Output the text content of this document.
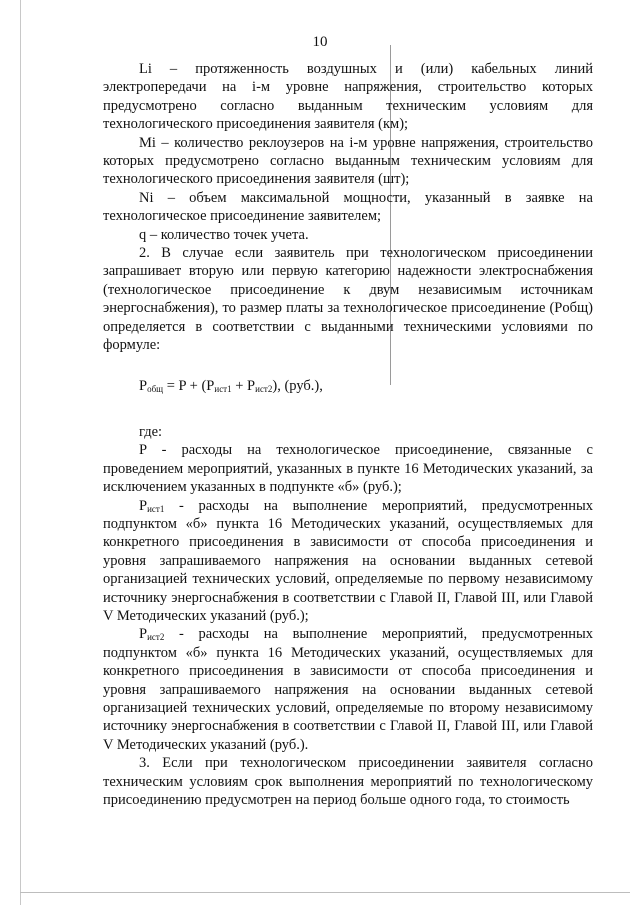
10

Li – протяженность воздушных и (или) кабельных линий электропередачи на i-м уровне напряжения, строительство которых предусмотрено согласно выданным техническим условиям для технологического присоединения заявителя (км);

Mi – количество реклоузеров на i-м уровне напряжения, строительство которых предусмотрено согласно выданным техническим условиям для технологического присоединения заявителя (шт);

Ni – объем максимальной мощности, указанный в заявке на технологическое присоединение заявителем;

q – количество точек учета.

2. В случае если заявитель при технологическом присоединении запрашивает вторую или первую категорию надежности электроснабжения (технологическое присоединение к двум независимым источникам энергоснабжения), то размер платы за технологическое присоединение (Pобщ) определяется в соответствии с выданными техническими условиями по формуле:

$P_{общ} = P + (P_{ист1} + P_{ист2})$, (руб.),

где:

P - расходы на технологическое присоединение, связанные с проведением мероприятий, указанных в пункте 16 Методических указаний, за исключением указанных в подпункте «б» (руб.);

$P_{ист1}$ - расходы на выполнение мероприятий, предусмотренных подпунктом «б» пункта 16 Методических указаний, осуществляемых для конкретного присоединения в зависимости от способа присоединения и уровня запрашиваемого напряжения на основании выданных сетевой организацией технических условий, определяемые по первому независимому источнику энергоснабжения в соответствии с Главой II, Главой III, или Главой V Методических указаний (руб.);

$P_{ист2}$ - расходы на выполнение мероприятий, предусмотренных подпунктом «б» пункта 16 Методических указаний, осуществляемых для конкретного присоединения в зависимости от способа присоединения и уровня запрашиваемого напряжения на основании выданных сетевой организацией технических условий, определяемые по второму независимому источнику энергоснабжения в соответствии с Главой II, Главой III, или Главой V Методических указаний (руб.).

3. Если при технологическом присоединении заявителя согласно техническим условиям срок выполнения мероприятий по технологическому присоединению предусмотрен на период больше одного года, то стоимость
